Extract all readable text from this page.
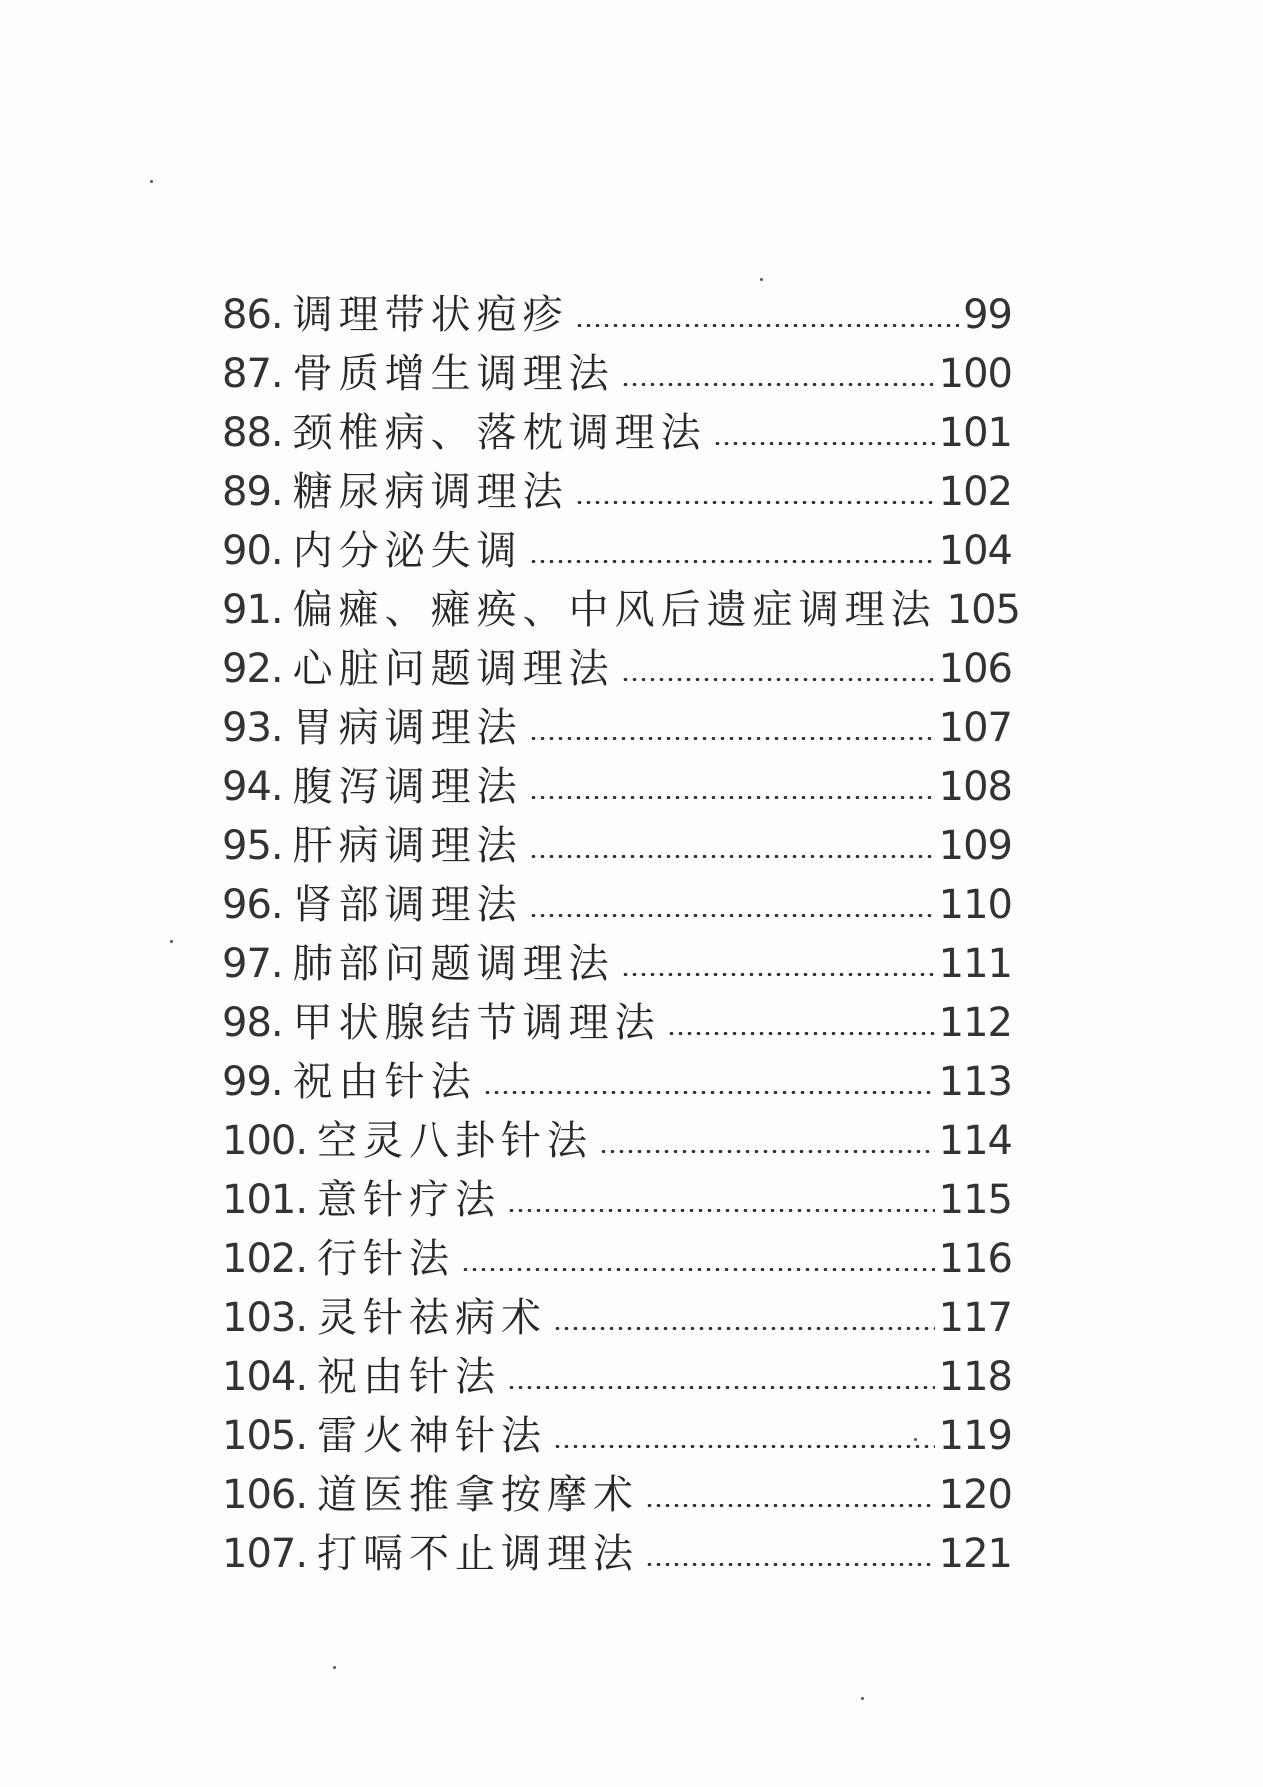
86. 调理带状疱疹	99
87. 骨质增生调理法	100
88. 颈椎病、落枕调理法	101
89. 糖尿病调理法	102
90. 内分泌失调	104
91. 偏瘫、瘫痪、中风后遗症调理法 105
92. 心脏问题调理法	106
93. 胃病调理法	107
94. 腹泻调理法	108
95. 肝病调理法	109
96. 肾部调理法	110
97. 肺部问题调理法	111
98. 甲状腺结节调理法	112
99. 祝由针法	113
100. 空灵八卦针法	114
101. 意针疗法	115
102. 行针法	116
103. 灵针祛病术	117
104. 祝由针法	118
105. 雷火神针法	119
106. 道医推拿按摩术	120
107. 打嗝不止调理法	121
